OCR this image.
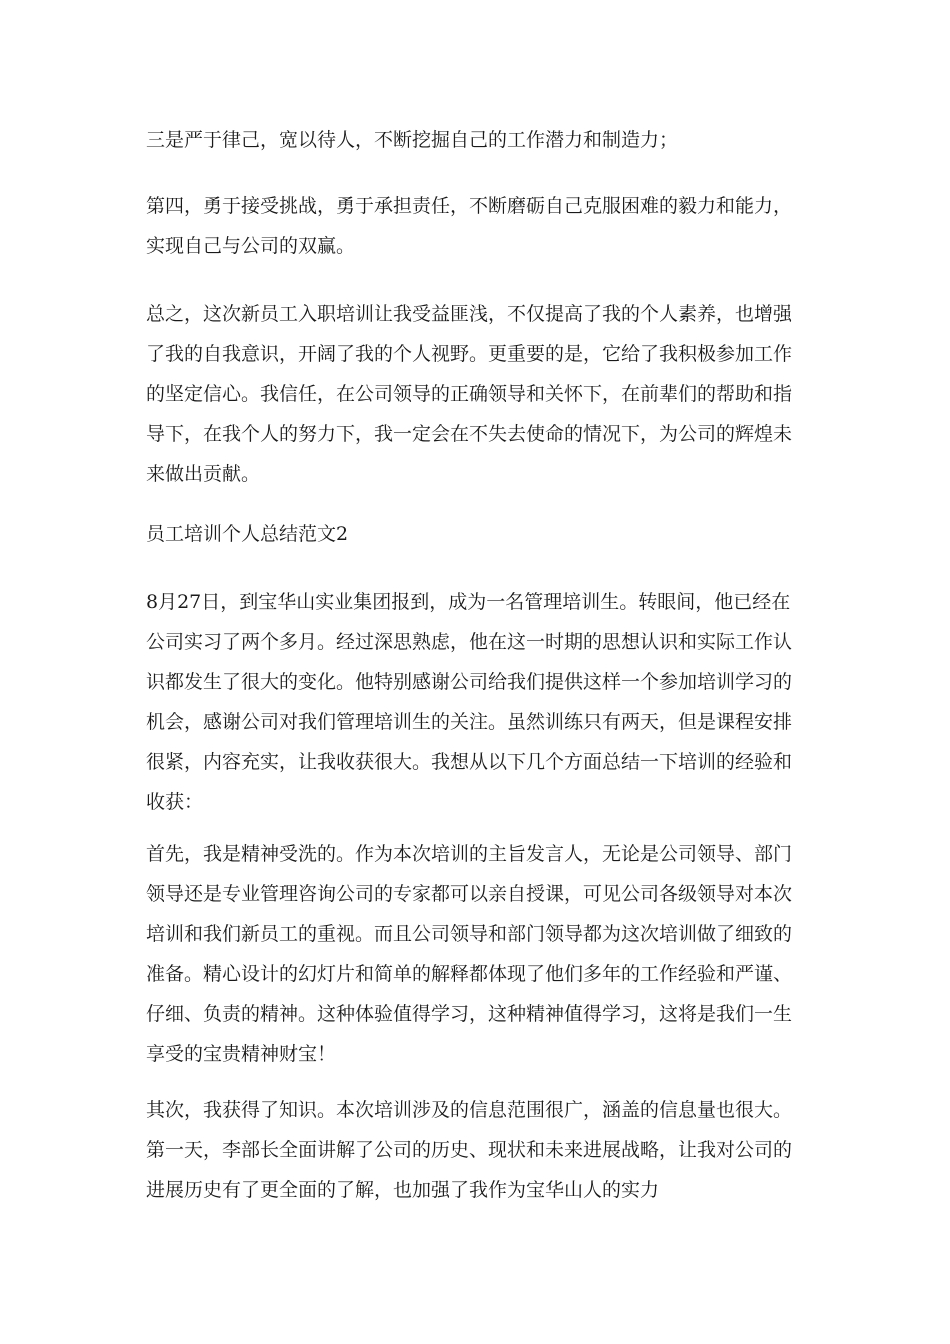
三是严于律己，宽以待人，不断挖掘自己的工作潜力和制造力；
第四，勇于接受挑战，勇于承担责任，不断磨砺自己克服困难的毅力和能力，
实现自己与公司的双赢。
总之，这次新员工入职培训让我受益匪浅，不仅提高了我的个人素养，也增强
了我的自我意识，开阔了我的个人视野。更重要的是，它给了我积极参加工作
的坚定信心。我信任，在公司领导的正确领导和关怀下，在前辈们的帮助和指
导下，在我个人的努力下，我一定会在不失去使命的情况下，为公司的辉煌未
来做出贡献。
员工培训个人总结范文2
8月27日，到宝华山实业集团报到，成为一名管理培训生。转眼间，他已经在
公司实习了两个多月。经过深思熟虑，他在这一时期的思想认识和实际工作认
识都发生了很大的变化。他特别感谢公司给我们提供这样一个参加培训学习的
机会，感谢公司对我们管理培训生的关注。虽然训练只有两天，但是课程安排
很紧，内容充实，让我收获很大。我想从以下几个方面总结一下培训的经验和
收获：
首先，我是精神受洗的。作为本次培训的主旨发言人，无论是公司领导、部门
领导还是专业管理咨询公司的专家都可以亲自授课，可见公司各级领导对本次
培训和我们新员工的重视。而且公司领导和部门领导都为这次培训做了细致的
准备。精心设计的幻灯片和简单的解释都体现了他们多年的工作经验和严谨、
仔细、负责的精神。这种体验值得学习，这种精神值得学习，这将是我们一生
享受的宝贵精神财宝！
其次，我获得了知识。本次培训涉及的信息范围很广，涵盖的信息量也很大。
第一天，李部长全面讲解了公司的历史、现状和未来进展战略，让我对公司的
进展历史有了更全面的了解，也加强了我作为宝华山人的实力
